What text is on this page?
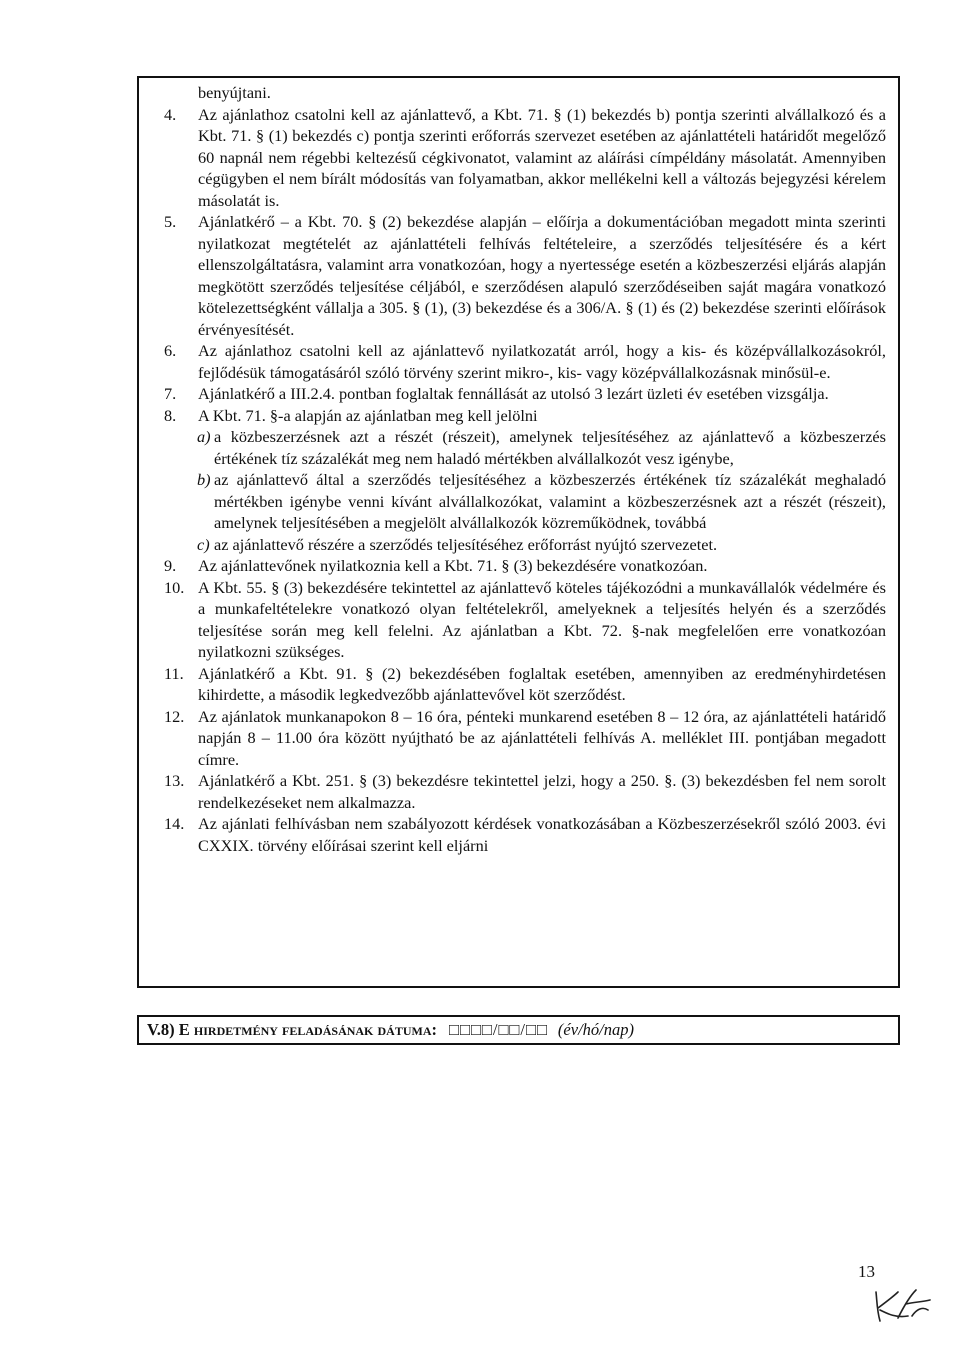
benyújtani.
4.	Az ajánlathoz csatolni kell az ajánlattevő, a Kbt. 71. § (1) bekezdés b) pontja szerinti alvállalkozó és a Kbt. 71. § (1) bekezdés c) pontja szerinti erőforrás szervezet esetében az ajánlattételi határidőt megelőző 60 napnál nem régebbi keltezésű cégkivonatot, valamint az aláírási címpéldány másolatát. Amennyiben cégügyben el nem bírált módosítás van folyamatban, akkor mellékelni kell a változás bejegyzési kérelem másolatát is.
5.	Ajánlatkérő – a Kbt. 70. § (2) bekezdése alapján – előírja a dokumentációban megadott minta szerinti nyilatkozat megtételét az ajánlattételi felhívás feltételeire, a szerződés teljesítésére és a kért ellenszolgáltatásra, valamint arra vonatkozóan, hogy a nyertessége esetén a közbeszerzési eljárás alapján megkötött szerződés teljesítése céljából, e szerződésen alapuló szerződéseiben saját magára vonatkozó kötelezettségként vállalja a 305. § (1), (3) bekezdése és a 306/A. § (1) és (2) bekezdése szerinti előírások érvényesítését.
6.	Az ajánlathoz csatolni kell az ajánlattevő nyilatkozatát arról, hogy a kis- és középvállalkozásokról, fejlődésük támogatásáról szóló törvény szerint mikro-, kis- vagy középvállalkozásnak minősül-e.
7.	Ajánlatkérő a III.2.4. pontban foglaltak fennállását az utolsó 3 lezárt üzleti év esetében vizsgálja.
8.	A Kbt. 71. §-a alapján az ajánlatban meg kell jelölni
a) a közbeszerzésnek azt a részét (részeit), amelynek teljesítéséhez az ajánlattevő a közbeszerzés értékének tíz százalékát meg nem haladó mértékben alvállalkozót vesz igénybe,
b) az ajánlattevő által a szerződés teljesítéséhez a közbeszerzés értékének tíz százalékát meghaladó mértékben igénybe venni kívánt alvállalkozókat, valamint a közbeszerzésnek azt a részét (részeit), amelynek teljesítésében a megjelölt alvállalkozók közreműködnek, továbbá
c) az ajánlattevő részére a szerződés teljesítéséhez erőforrást nyújtó szervezetet.
9.	Az ajánlattevőnek nyilatkoznia kell a Kbt. 71. § (3) bekezdésére vonatkozóan.
10. A Kbt. 55. § (3) bekezdésére tekintettel az ajánlattevő köteles tájékozódni a munkavállalók védelmére és a munkafeltételekre vonatkozó olyan feltételekről, amelyeknek a teljesítés helyén és a szerződés teljesítése során meg kell felelni. Az ajánlatban a Kbt. 72. §-nak megfelelően erre vonatkozóan nyilatkozni szükséges.
11. Ajánlatkérő a Kbt. 91. § (2) bekezdésében foglaltak esetében, amennyiben az eredményhirdetésen kihirdette, a második legkedvezőbb ajánlattevővel köt szerződést.
12. Az ajánlatok munkanapokon 8 – 16 óra, pénteki munkarend esetében 8 – 12 óra, az ajánlattételi határidő napján 8 – 11.00 óra között nyújtható be az ajánlattételi felhívás A. melléklet III. pontjában megadott címre.
13. Ajánlatkérő a Kbt. 251. § (3) bekezdésre tekintettel jelzi, hogy a 250. §. (3) bekezdésben fel nem sorolt rendelkezéseket nem alkalmazza.
14. Az ajánlati felhívásban nem szabályozott kérdések vonatkozásában a Közbeszerzésekről szóló 2003. évi CXXIX. törvény előírásai szerint kell eljárni
V.8) E
hirdetmény feladásának dátuma: □□□□/□□/□□ (év/hó/nap)
13
